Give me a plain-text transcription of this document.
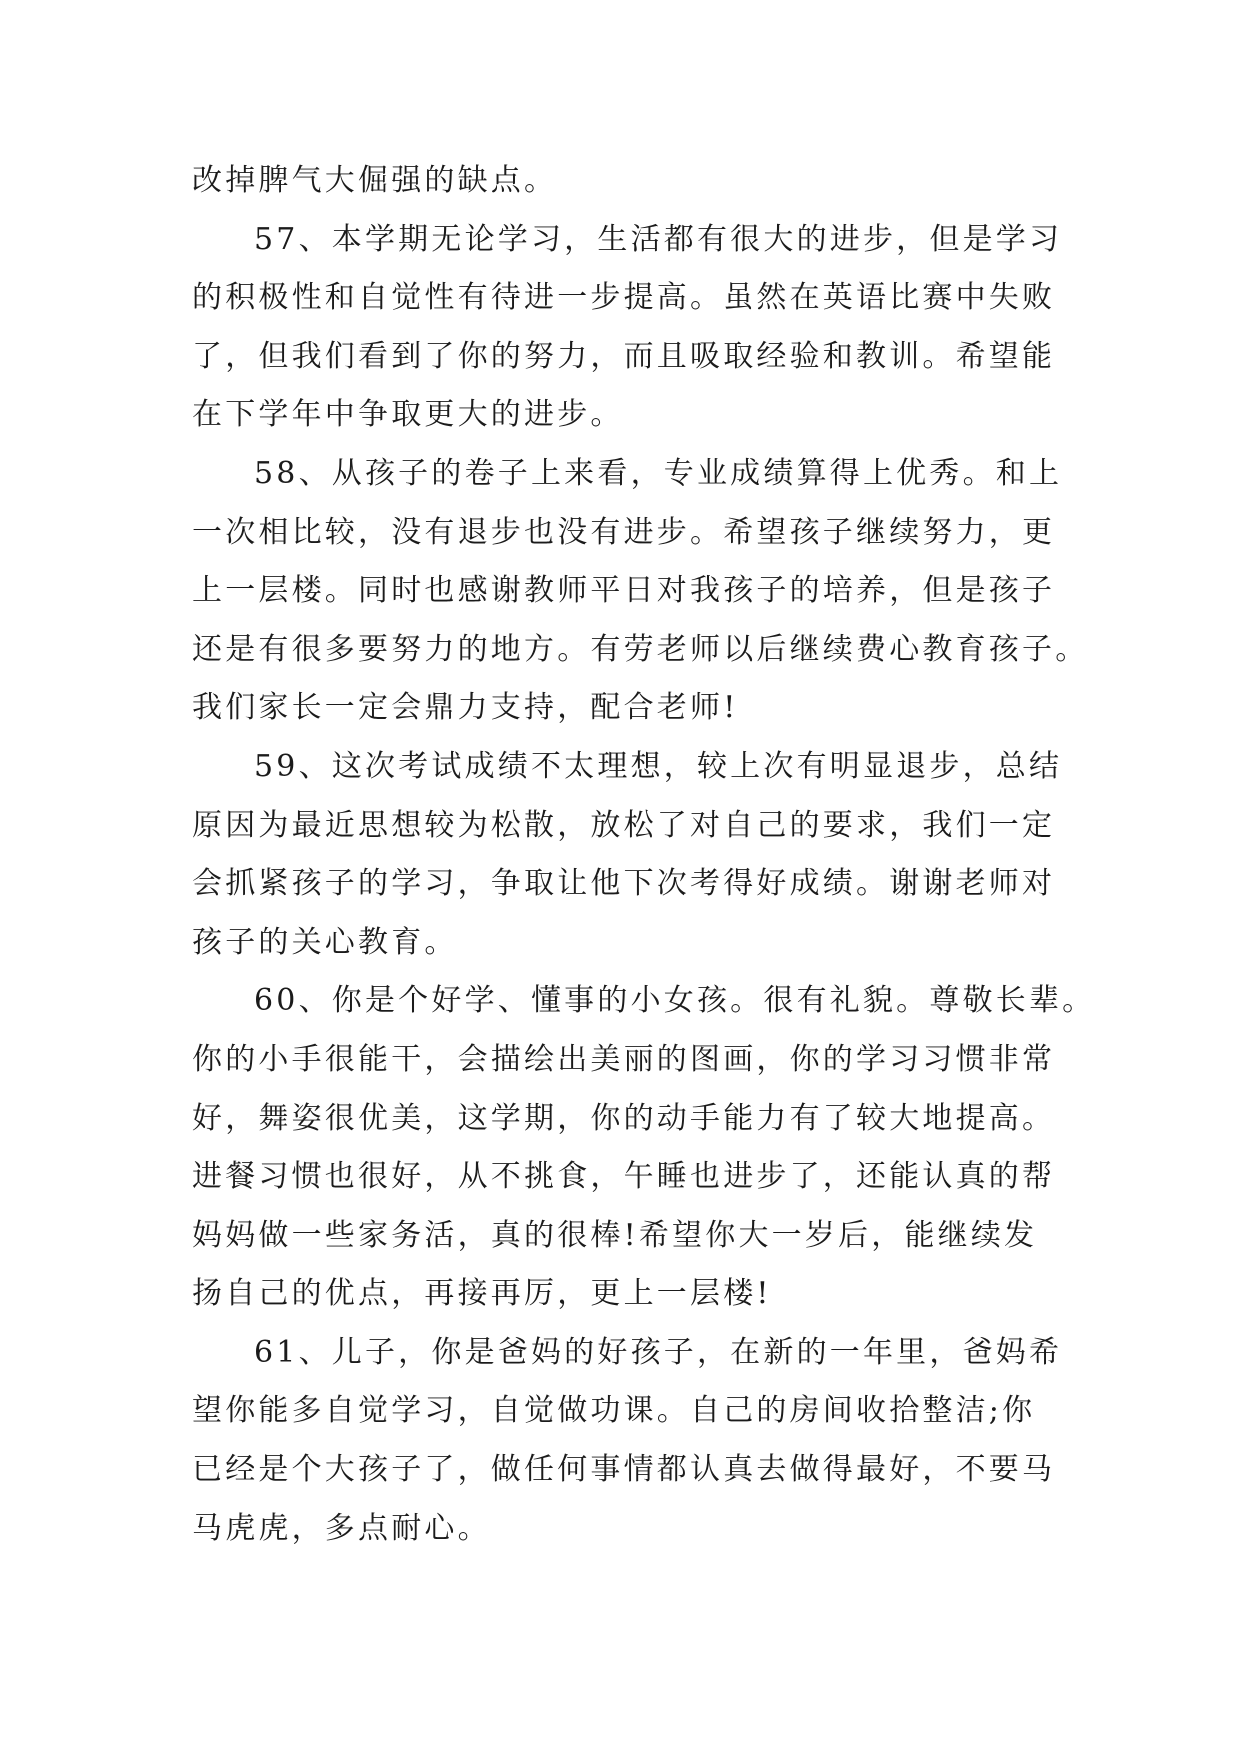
改掉脾气大倔强的缺点。
57、本学期无论学习，生活都有很大的进步，但是学习
的积极性和自觉性有待进一步提高。虽然在英语比赛中失败
了，但我们看到了你的努力，而且吸取经验和教训。希望能
在下学年中争取更大的进步。
58、从孩子的卷子上来看，专业成绩算得上优秀。和上
一次相比较，没有退步也没有进步。希望孩子继续努力，更
上一层楼。同时也感谢教师平日对我孩子的培养，但是孩子
还是有很多要努力的地方。有劳老师以后继续费心教育孩子。
我们家长一定会鼎力支持，配合老师!
59、这次考试成绩不太理想，较上次有明显退步，总结
原因为最近思想较为松散，放松了对自己的要求，我们一定
会抓紧孩子的学习，争取让他下次考得好成绩。谢谢老师对
孩子的关心教育。
60、你是个好学、懂事的小女孩。很有礼貌。尊敬长辈。
你的小手很能干，会描绘出美丽的图画，你的学习习惯非常
好，舞姿很优美，这学期，你的动手能力有了较大地提高。
进餐习惯也很好，从不挑食，午睡也进步了，还能认真的帮
妈妈做一些家务活，真的很棒!希望你大一岁后，能继续发
扬自己的优点，再接再厉，更上一层楼!
61、儿子，你是爸妈的好孩子，在新的一年里，爸妈希
望你能多自觉学习，自觉做功课。自己的房间收拾整洁;你
已经是个大孩子了，做任何事情都认真去做得最好，不要马
马虎虎，多点耐心。
